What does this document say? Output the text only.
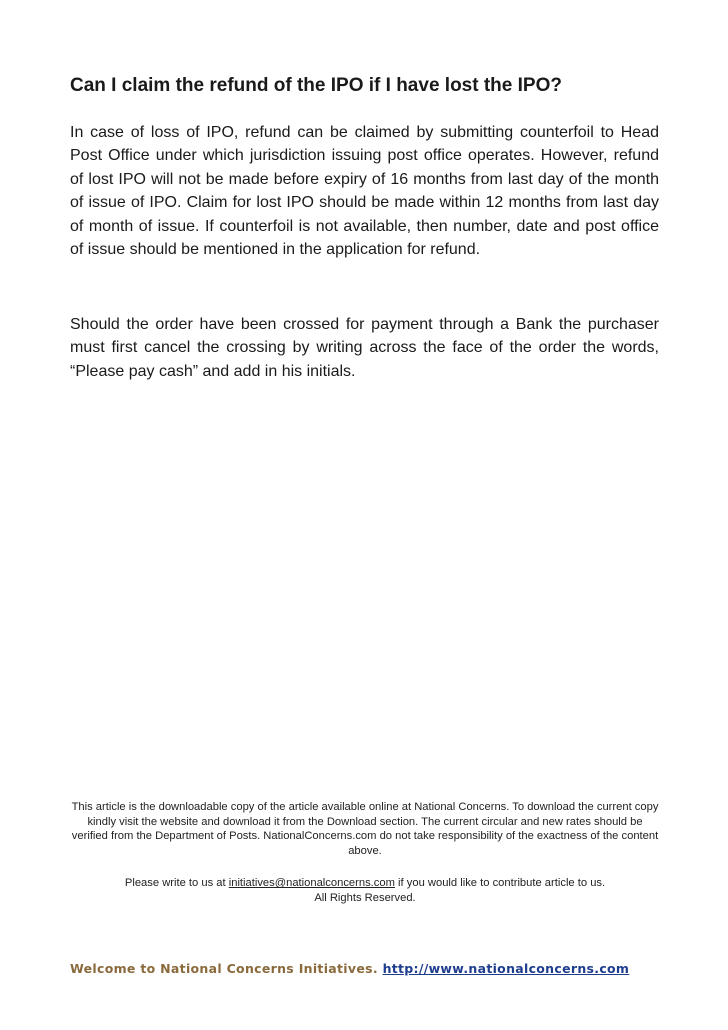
Can I claim the refund of the IPO if I have lost the IPO?

In case of loss of IPO, refund can be claimed by submitting counterfoil to Head Post Office under which jurisdiction issuing post office operates. However, refund of lost IPO will not be made before expiry of 16 months from last day of the month of issue of IPO. Claim for lost IPO should be made within 12 months from last day of month of issue. If counterfoil is not available, then number, date and post office of issue should be mentioned in the application for refund.

Should the order have been crossed for payment through a Bank the purchaser must first cancel the crossing by writing across the face of the order the words, “Please pay cash” and add in his initials.

This article is the downloadable copy of the article available online at National Concerns. To download the current copy kindly visit the website and download it from the Download section. The current circular and new rates should be verified from the Department of Posts. NationalConcerns.com do not take responsibility of the exactness of the content above.

Please write to us at initiatives@nationalconcerns.com if you would like to contribute article to us.

All Rights Reserved.

Welcome to National Concerns Initiatives. http://www.nationalconcerns.com
